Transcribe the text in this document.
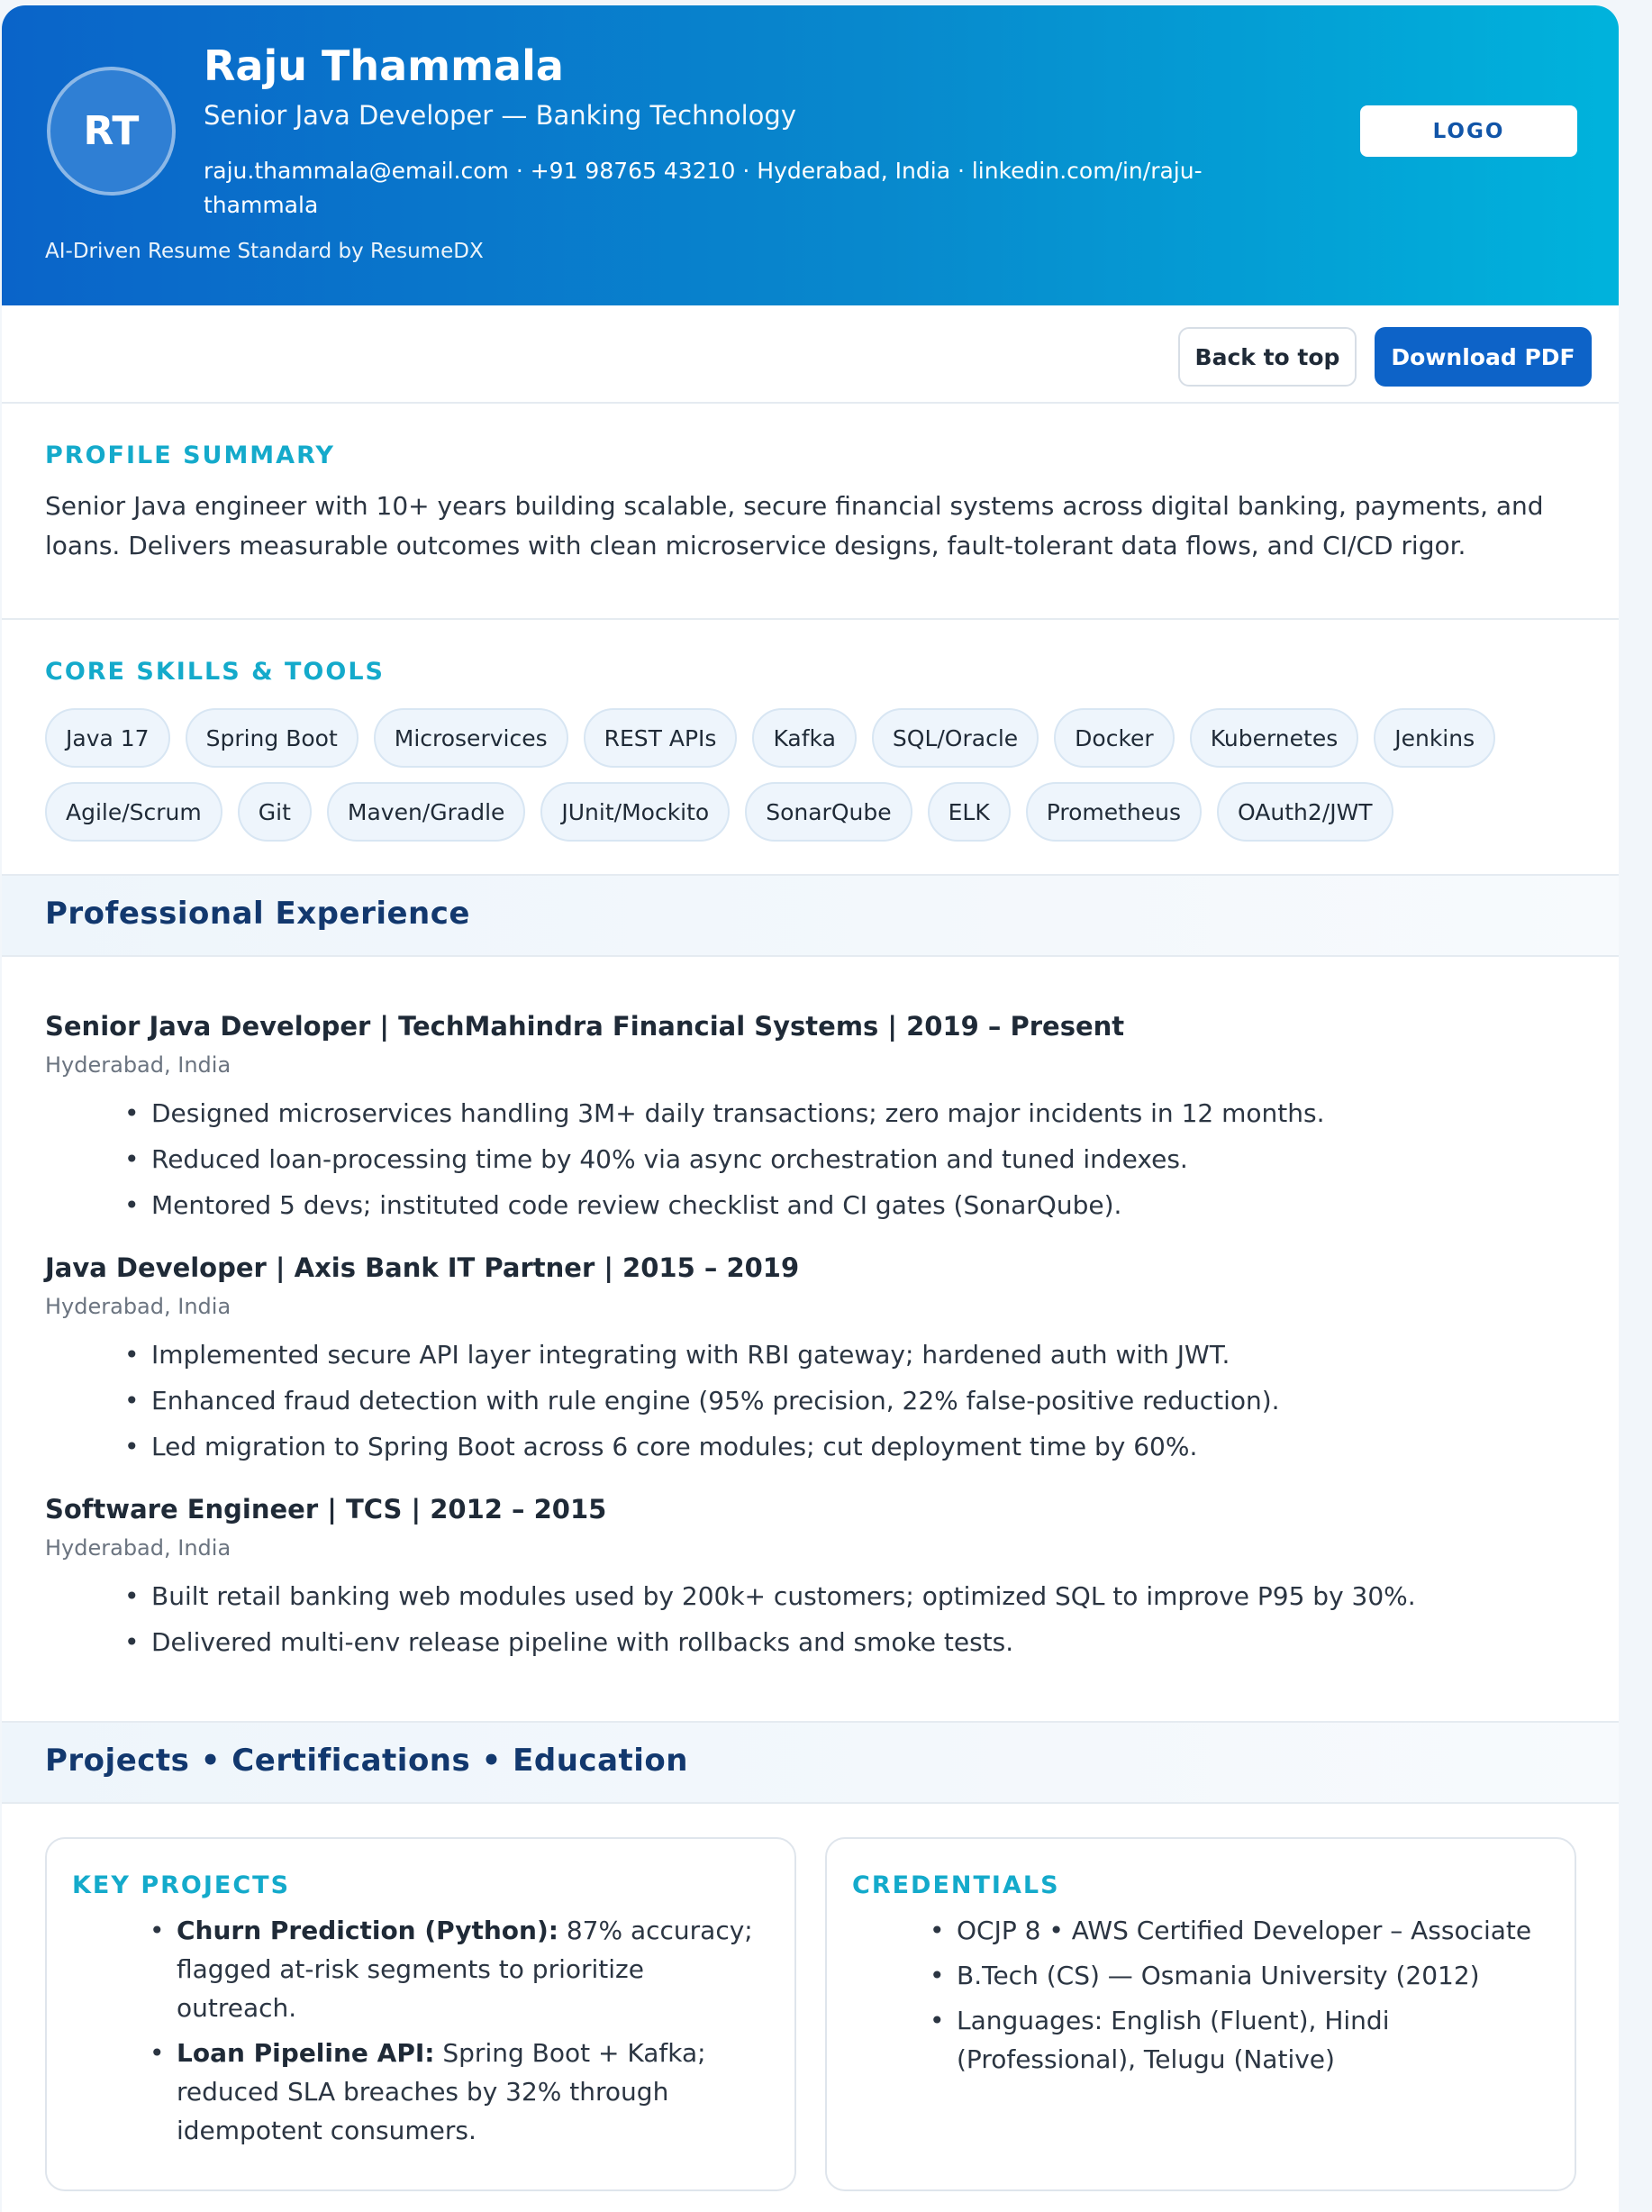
RT
Raju Thammala
Senior Java Developer — Banking Technology
raju.thammala@email.com · +91 98765 43210 · Hyderabad, India · linkedin.com/in/raju-thammala
AI-Driven Resume Standard by ResumeDX
LOGO
Back to top	Download PDF
PROFILE SUMMARY

Senior Java engineer with 10+ years building scalable, secure financial systems across digital banking, payments, and loans. Delivers measurable outcomes with clean microservice designs, fault-tolerant data flows, and CI/CD rigor.

CORE SKILLS & TOOLS
Java 17	Spring Boot	Microservices	REST APIs	Kafka	SQL/Oracle	Docker	Kubernetes	Jenkins
Agile/Scrum	Git	Maven/Gradle	JUnit/Mockito	SonarQube	ELK	Prometheus	OAuth2/JWT
Professional Experience
Senior Java Developer | TechMahindra Financial Systems | 2019 – Present
Hyderabad, India
• Designed microservices handling 3M+ daily transactions; zero major incidents in 12 months.
• Reduced loan-processing time by 40% via async orchestration and tuned indexes.
• Mentored 5 devs; instituted code review checklist and CI gates (SonarQube).
Java Developer | Axis Bank IT Partner | 2015 – 2019
Hyderabad, India
• Implemented secure API layer integrating with RBI gateway; hardened auth with JWT.
• Enhanced fraud detection with rule engine (95% precision, 22% false-positive reduction).
• Led migration to Spring Boot across 6 core modules; cut deployment time by 60%.
Software Engineer | TCS | 2012 – 2015
Hyderabad, India
• Built retail banking web modules used by 200k+ customers; optimized SQL to improve P95 by 30%.
• Delivered multi-env release pipeline with rollbacks and smoke tests.
Projects • Certifications • Education
KEY PROJECTS
• Churn Prediction (Python): 87% accuracy; flagged at-risk segments to prioritize outreach.
• Loan Pipeline API: Spring Boot + Kafka; reduced SLA breaches by 32% through idempotent consumers.
CREDENTIALS
• OCJP 8 • AWS Certified Developer – Associate
• B.Tech (CS) — Osmania University (2012)
• Languages: English (Fluent), Hindi (Professional), Telugu (Native)
